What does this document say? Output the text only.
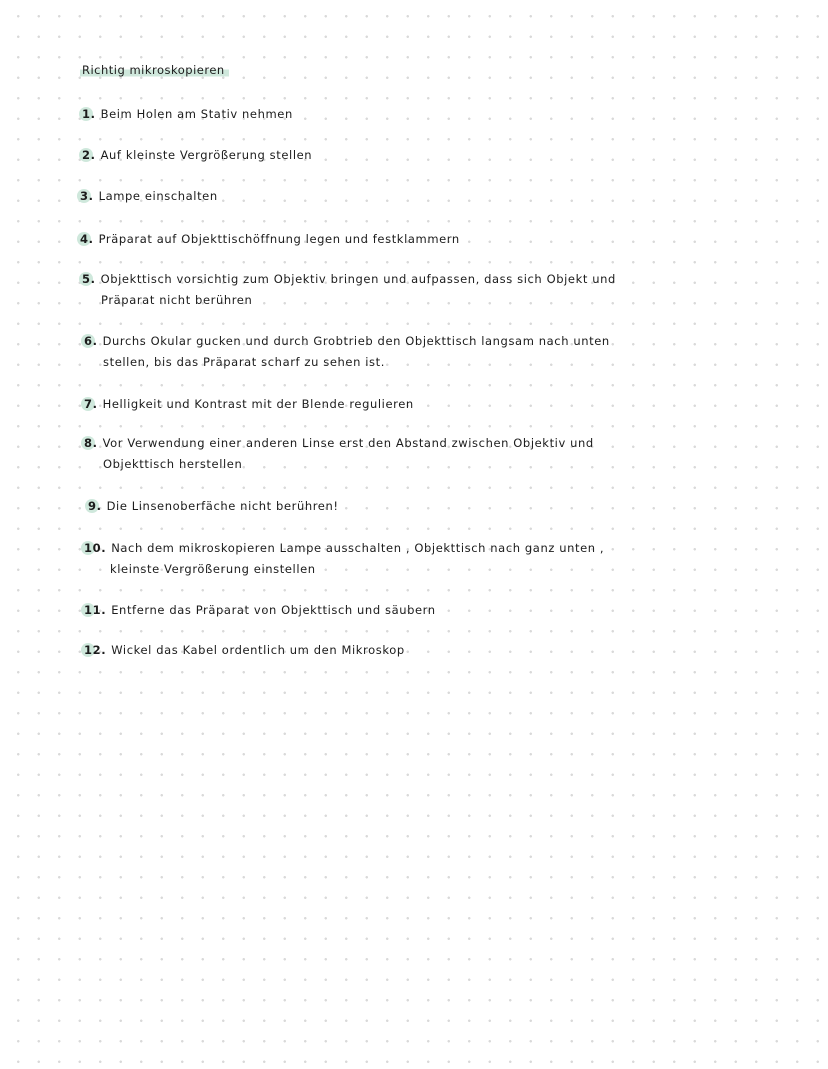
Richtig mikroskopieren
1. Beim Holen am Stativ nehmen
2. Auf kleinste Vergrößerung stellen
3. Lampe einschalten
4. Präparat auf Objekttischöffnung legen und festklammern
5. Objekttisch vorsichtig zum Objektiv bringen und aufpassen, dass sich Objekt und
Präparat nicht berühren
6. Durchs Okular gucken und durch Grobtrieb den Objekttisch langsam nach unten
stellen, bis das Präparat scharf zu sehen ist.
7. Helligkeit und Kontrast mit der Blende regulieren
8. Vor Verwendung einer anderen Linse erst den Abstand zwischen Objektiv und
Objekttisch herstellen
9. Die Linsenoberfäche nicht berühren!
10. Nach dem mikroskopieren Lampe ausschalten , Objekttisch nach ganz unten ,
kleinste Vergrößerung einstellen
11. Entferne das Präparat von Objekttisch und säubern
12. Wickel das Kabel ordentlich um den Mikroskop
